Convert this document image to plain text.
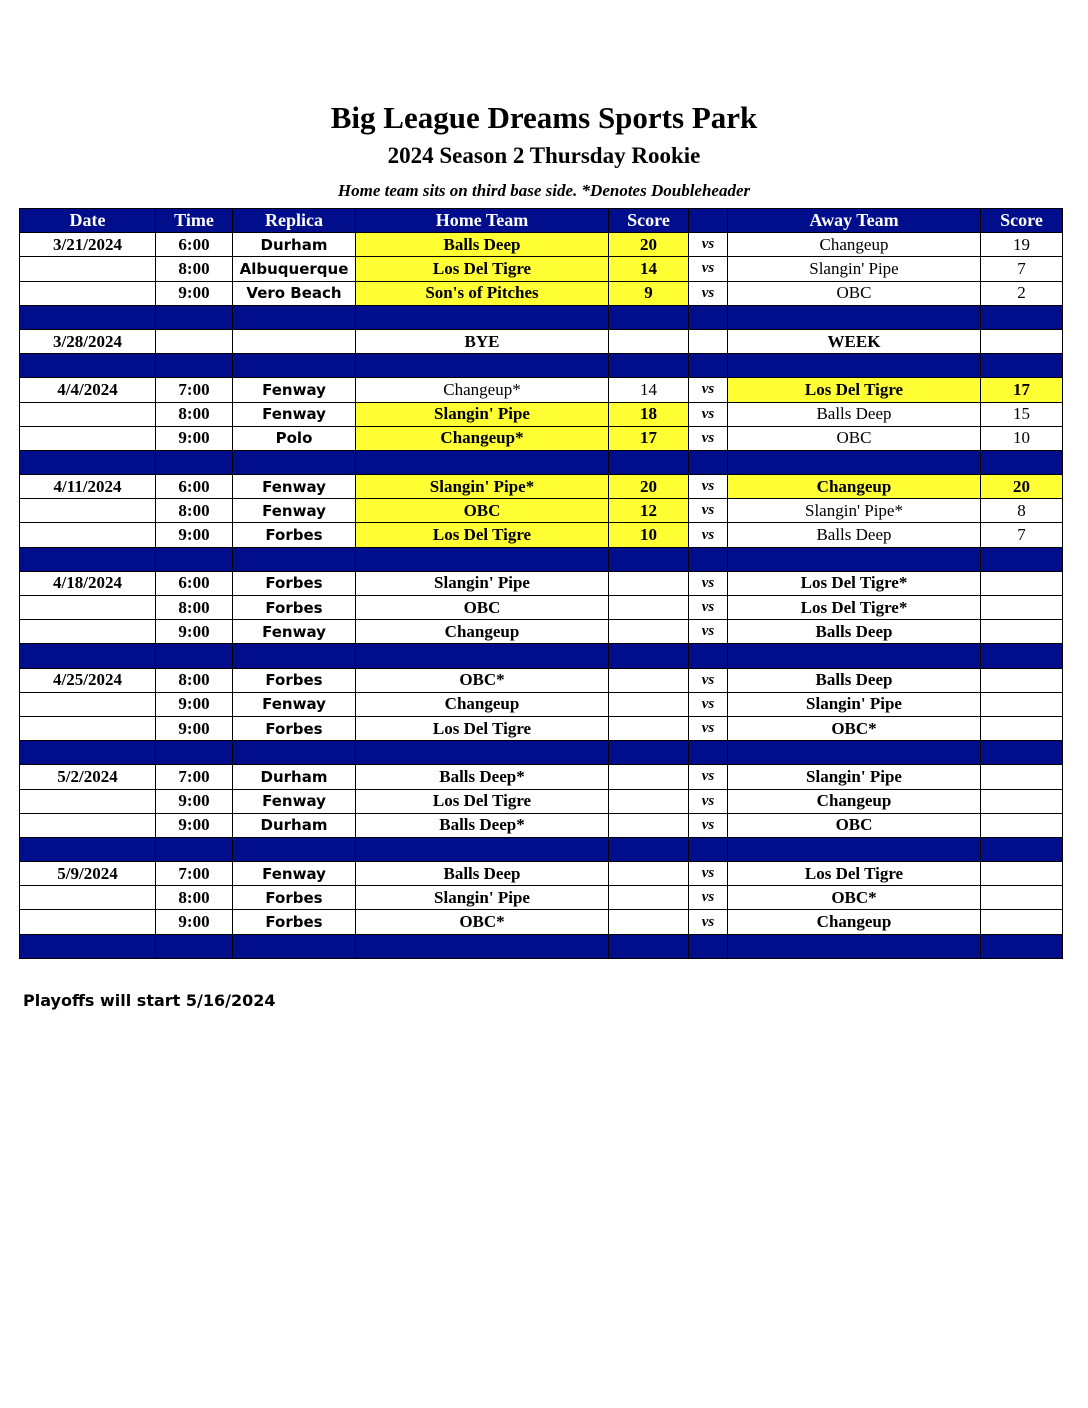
Big League Dreams Sports Park
2024 Season 2 Thursday Rookie
Home team sits on third base side. *Denotes Doubleheader
Date	Time	Replica	Home Team	Score		Away Team	Score
3/21/2024	6:00	Durham	Balls Deep	20	vs	Changeup	19
	8:00	Albuquerque	Los Del Tigre	14	vs	Slangin' Pipe	7
	9:00	Vero Beach	Son's of Pitches	9	vs	OBC	2

3/28/2024			BYE			WEEK	

4/4/2024	7:00	Fenway	Changeup*	14	vs	Los Del Tigre	17
	8:00	Fenway	Slangin' Pipe	18	vs	Balls Deep	15
	9:00	Polo	Changeup*	17	vs	OBC	10

4/11/2024	6:00	Fenway	Slangin' Pipe*	20	vs	Changeup	20
	8:00	Fenway	OBC	12	vs	Slangin' Pipe*	8
	9:00	Forbes	Los Del Tigre	10	vs	Balls Deep	7

4/18/2024	6:00	Forbes	Slangin' Pipe		vs	Los Del Tigre*	
	8:00	Forbes	OBC		vs	Los Del Tigre*	
	9:00	Fenway	Changeup		vs	Balls Deep	

4/25/2024	8:00	Forbes	OBC*		vs	Balls Deep	
	9:00	Fenway	Changeup		vs	Slangin' Pipe	
	9:00	Forbes	Los Del Tigre		vs	OBC*	

5/2/2024	7:00	Durham	Balls Deep*		vs	Slangin' Pipe	
	9:00	Fenway	Los Del Tigre		vs	Changeup	
	9:00	Durham	Balls Deep*		vs	OBC	

5/9/2024	7:00	Fenway	Balls Deep		vs	Los Del Tigre	
	8:00	Forbes	Slangin' Pipe		vs	OBC*	
	9:00	Forbes	OBC*		vs	Changeup	

Playoffs will start 5/16/2024
